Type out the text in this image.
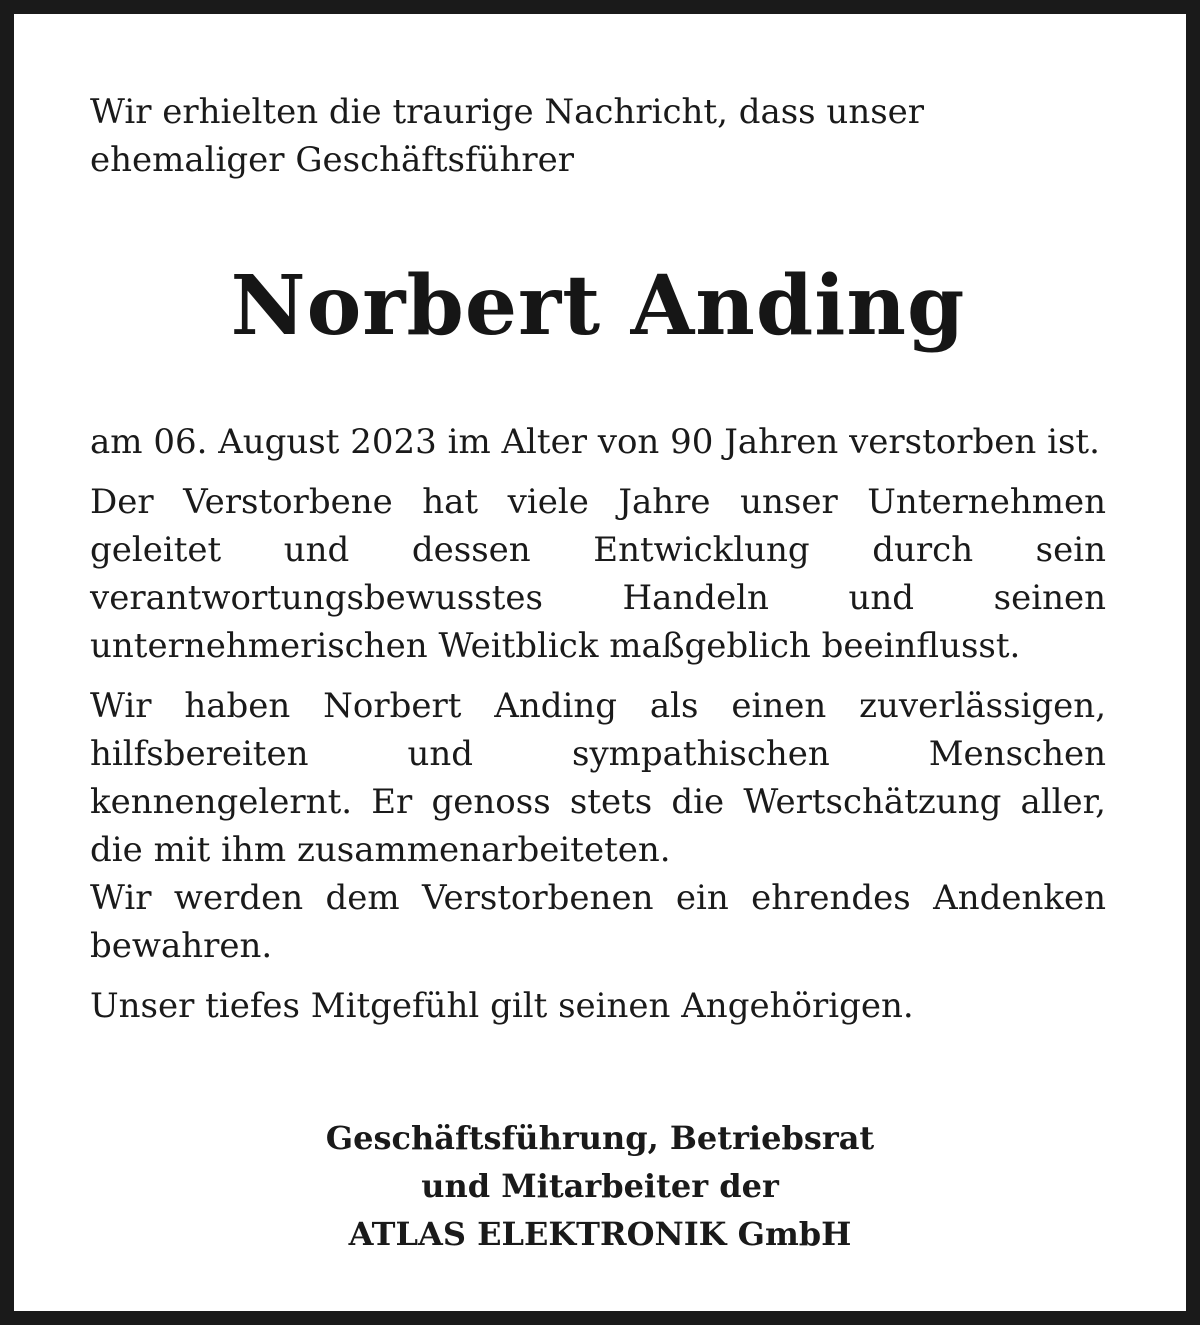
Wir erhielten die traurige Nachricht, dass unser ehemaliger Geschäftsführer

Norbert Anding

am 06. August 2023 im Alter von 90 Jahren verstorben ist.

Der Verstorbene hat viele Jahre unser Unternehmen geleitet und dessen Entwicklung durch sein verantwortungsbewusstes Handeln und seinen unternehmerischen Weitblick maßgeblich beeinflusst.

Wir haben Norbert Anding als einen zuverlässigen, hilfsbereiten und sympathischen Menschen kennengelernt. Er genoss stets die Wertschätzung aller, die mit ihm zusammenarbeiteten.

Wir werden dem Verstorbenen ein ehrendes Andenken bewahren.

Unser tiefes Mitgefühl gilt seinen Angehörigen.

Geschäftsführung, Betriebsrat
und Mitarbeiter der
ATLAS ELEKTRONIK GmbH
